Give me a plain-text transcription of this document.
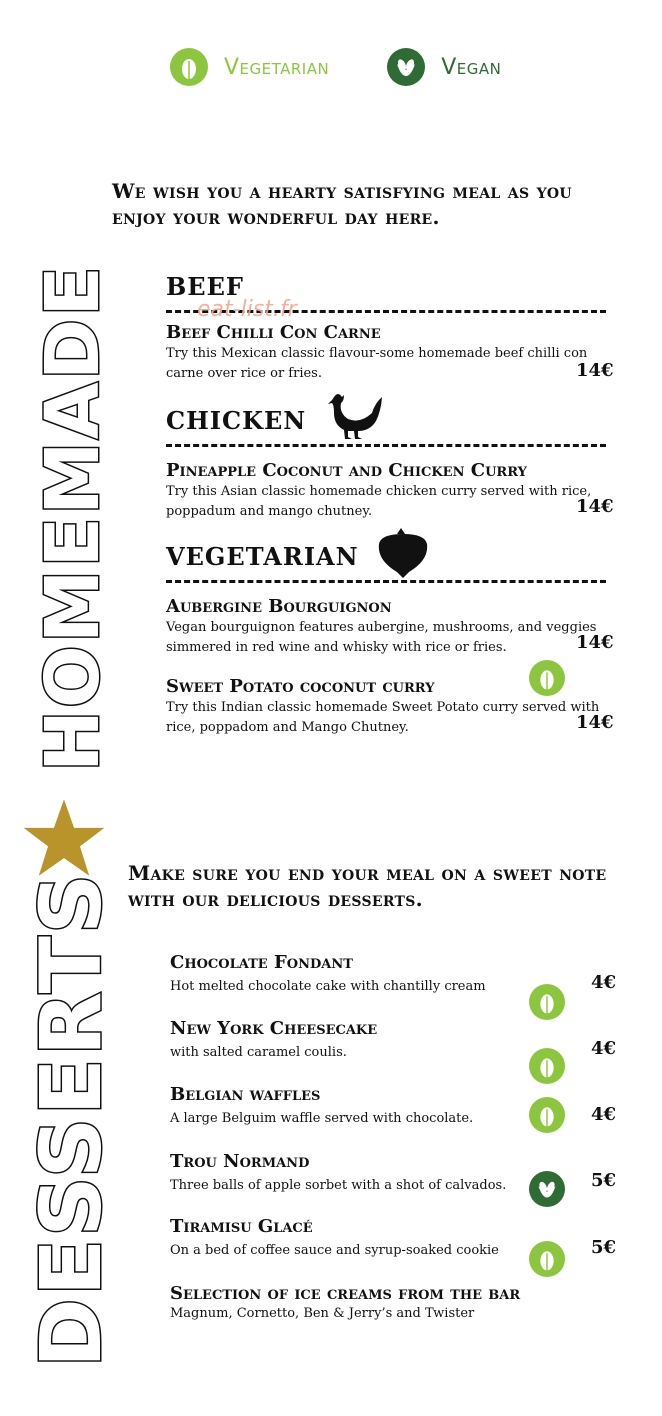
Vegetarian	Vegan
We wish you a hearty satisfying meal as you enjoy your wonderful day here.
HOMEMADE
DESSERTS
BEEF
eat-list.fr
Beef Chilli Con Carne
Try this Mexican classic flavour-some homemade beef chilli con carne over rice or fries.	14€
CHICKEN
Pineapple Coconut and Chicken Curry
Try this Asian classic homemade chicken curry served with rice, poppadum and mango chutney.	14€
VEGETARIAN
Aubergine Bourguignon
Vegan bourguignon features aubergine, mushrooms, and veggies simmered in red wine and whisky with rice or fries.	14€
Sweet Potato coconut curry
Try this Indian classic homemade Sweet Potato curry served with rice, poppadom and Mango Chutney.	14€
Make sure you end your meal on a sweet note with our delicious desserts.
Chocolate Fondant
Hot melted chocolate cake with chantilly cream	4€
New York Cheesecake
with salted caramel coulis.	4€
Belgian waffles
A large Belguim waffle served with chocolate.	4€
Trou Normand
Three balls of apple sorbet with a shot of calvados.	5€
Tiramisu Glacé
On a bed of coffee sauce and syrup-soaked cookie	5€
Selection of ice creams from the bar
Magnum, Cornetto, Ben & Jerry’s and Twister
